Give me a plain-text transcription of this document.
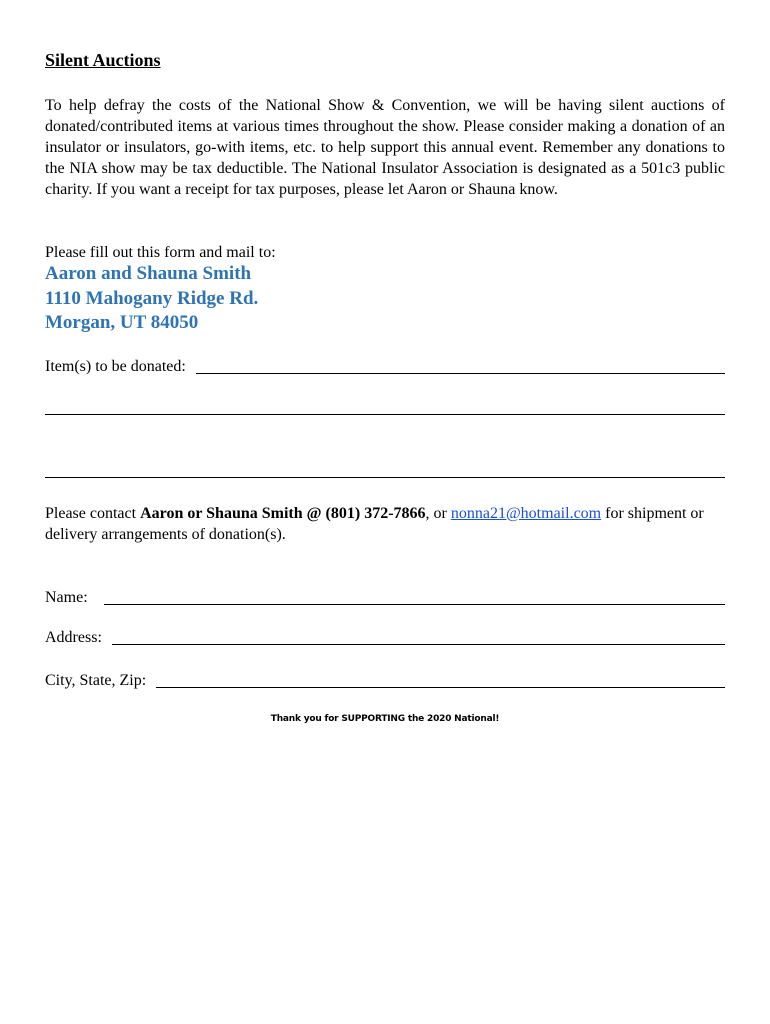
Silent Auctions

To help defray the costs of the National Show & Convention, we will be having silent auctions of donated/contributed items at various times throughout the show. Please consider making a donation of an insulator or insulators, go-with items, etc. to help support this annual event. Remember any donations to the NIA show may be tax deductible. The National Insulator Association is designated as a 501c3 public charity. If you want a receipt for tax purposes, please let Aaron or Shauna know.

Please fill out this form and mail to:
Aaron and Shauna Smith
1110 Mahogany Ridge Rd.
Morgan, UT 84050
Item(s) to be donated:

Please contact Aaron or Shauna Smith @ (801) 372-7866, or nonna21@hotmail.com for shipment or delivery arrangements of donation(s).

Name:
Address:
City, State, Zip:
Thank you for SUPPORTING the 2020 National!
